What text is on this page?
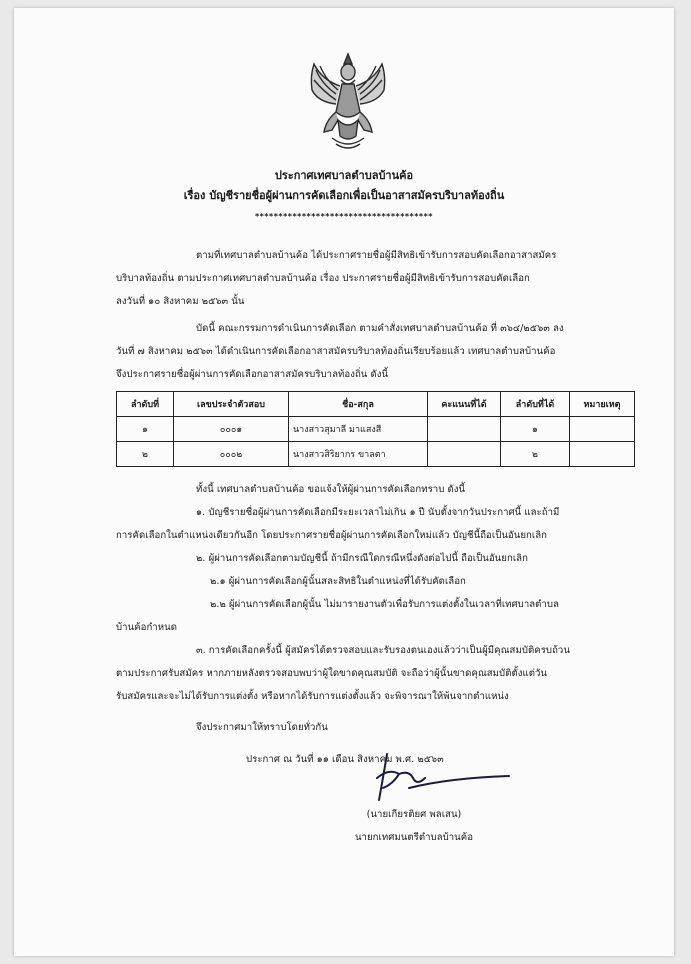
ประกาศเทศบาลตำบลบ้านค้อ
เรื่อง บัญชีรายชื่อผู้ผ่านการคัดเลือกเพื่อเป็นอาสาสมัครบริบาลท้องถิ่น
**************************************
ตามที่เทศบาลตำบลบ้านค้อ ได้ประกาศรายชื่อผู้มีสิทธิเข้ารับการสอบคัดเลือกอาสาสมัคร
บริบาลท้องถิ่น ตามประกาศเทศบาลตำบลบ้านค้อ เรื่อง ประกาศรายชื่อผู้มีสิทธิเข้ารับการสอบคัดเลือก
ลงวันที่ ๑๐ สิงหาคม ๒๕๖๓ นั้น
บัดนี้ คณะกรรมการดำเนินการคัดเลือก ตามคำสั่งเทศบาลตำบลบ้านค้อ ที่ ๓๖๔/๒๕๖๓ ลง
วันที่ ๗ สิงหาคม ๒๕๖๓ ได้ดำเนินการคัดเลือกอาสาสมัครบริบาลท้องถิ่นเรียบร้อยแล้ว เทศบาลตำบลบ้านค้อ
จึงประกาศรายชื่อผู้ผ่านการคัดเลือกอาสาสมัครบริบาลท้องถิ่น ดังนี้
ลำดับที่	เลขประจำตัวสอบ	ชื่อ-สกุล	คะแนนที่ได้	ลำดับที่ได้	หมายเหตุ
๑	๐๐๐๑	นางสาวสุมาลี มาแสงสี		๑	
๒	๐๐๐๒	นางสาวสิริยากร ขาลตา		๒	
ทั้งนี้ เทศบาลตำบลบ้านค้อ ขอแจ้งให้ผู้ผ่านการคัดเลือกทราบ ดังนี้
๑. บัญชีรายชื่อผู้ผ่านการคัดเลือกมีระยะเวลาไม่เกิน ๑ ปี นับตั้งจากวันประกาศนี้ และถ้ามี
การคัดเลือกในตำแหน่งเดียวกันอีก โดยประกาศรายชื่อผู้ผ่านการคัดเลือกใหม่แล้ว บัญชีนี้ถือเป็นอันยกเลิก
๒. ผู้ผ่านการคัดเลือกตามบัญชีนี้ ถ้ามีกรณีใดกรณีหนึ่งดังต่อไปนี้ ถือเป็นอันยกเลิก
๒.๑ ผู้ผ่านการคัดเลือกผู้นั้นสละสิทธิในตำแหน่งที่ได้รับคัดเลือก
๒.๒ ผู้ผ่านการคัดเลือกผู้นั้น ไม่มารายงานตัวเพื่อรับการแต่งตั้งในเวลาที่เทศบาลตำบล
บ้านค้อกำหนด
๓. การคัดเลือกครั้งนี้ ผู้สมัครได้ตรวจสอบและรับรองตนเองแล้วว่าเป็นผู้มีคุณสมบัติครบถ้วน
ตามประกาศรับสมัคร หากภายหลังตรวจสอบพบว่าผู้ใดขาดคุณสมบัติ จะถือว่าผู้นั้นขาดคุณสมบัติตั้งแต่วัน
รับสมัครและจะไม่ได้รับการแต่งตั้ง หรือหากได้รับการแต่งตั้งแล้ว จะพิจารณาให้พ้นจากตำแหน่ง
จึงประกาศมาให้ทราบโดยทั่วกัน
ประกาศ ณ วันที่ ๑๑ เดือน สิงหาคม พ.ศ. ๒๕๖๓
(นายเกียรติยศ พลเสน)
นายกเทศมนตรีตำบลบ้านค้อ
